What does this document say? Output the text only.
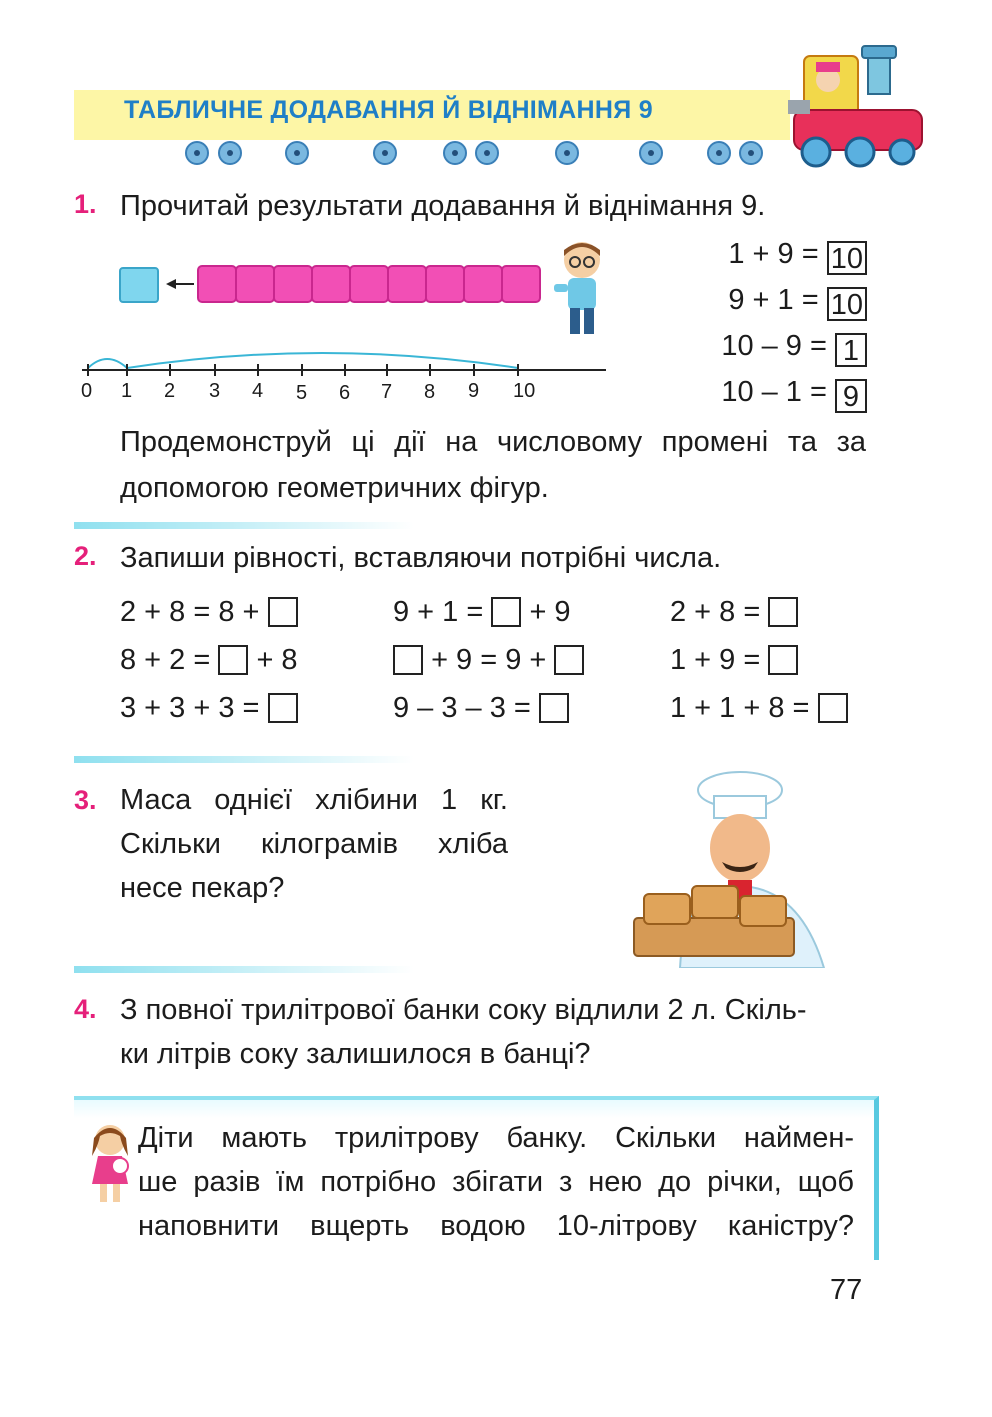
ТАБЛИЧНЕ ДОДАВАННЯ Й ВІДНІМАННЯ 9
1. Прочитай результати додавання й віднімання 9.
0 1 2 3 4 5 6 7 8 9 10
1 + 9 = 10
9 + 1 = 10
10 – 9 = 1
10 – 1 = 9
Продемонструй ці дії на числовому промені та за
допомогою геометричних фігур.
2. Запиши рівності, вставляючи потрібні числа.
2 + 8 = 8 +
8 + 2 = + 8
3 + 3 + 3 =
9 + 1 = + 9
+ 9 = 9 +
9 – 3 – 3 =
2 + 8 =
1 + 9 =
1 + 1 + 8 =
3. Маса однієї хлібини 1 кг.
Скільки кілограмів хліба
несе пекар?
4. З повної трилітрової банки соку відлили 2 л. Скіль-
ки літрів соку залишилося в банці?
Діти мають трилітрову банку. Скільки наймен-
ше разів їм потрібно збігати з нею до річки, щоб
наповнити вщерть водою 10-літрову каністру?
77
